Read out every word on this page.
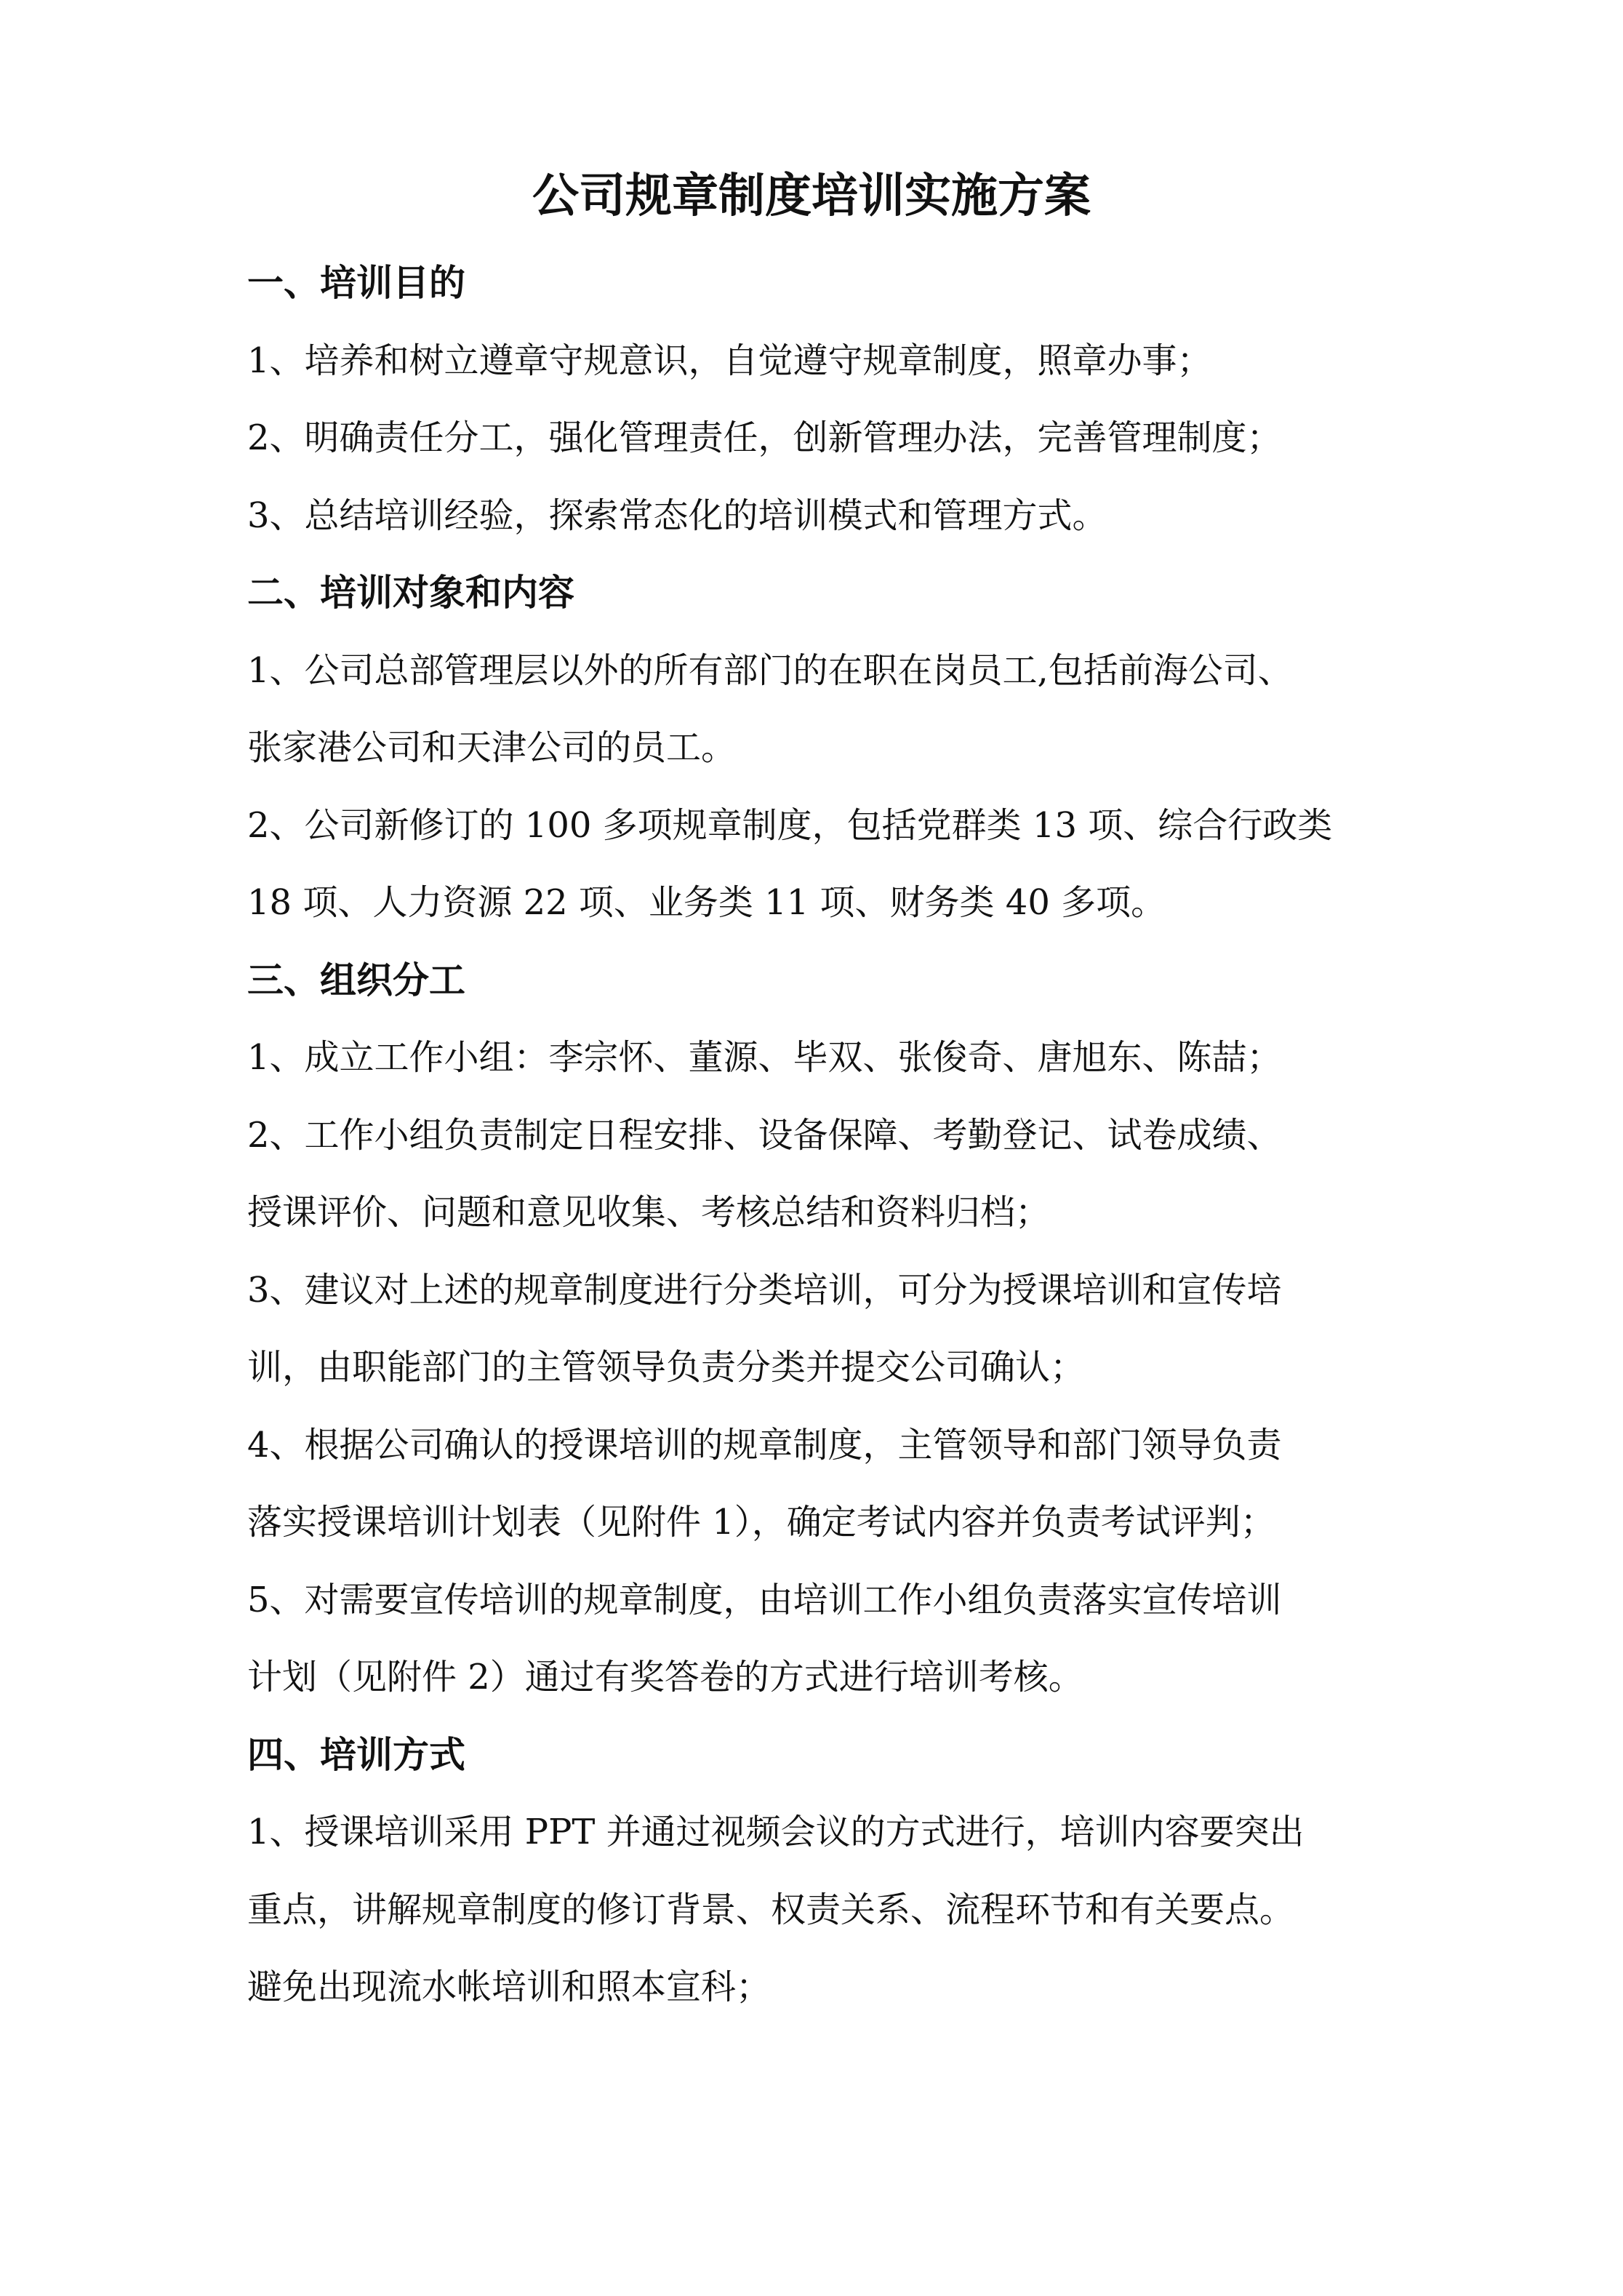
公司规章制度培训实施方案

一、培训目的

1、培养和树立遵章守规意识，自觉遵守规章制度，照章办事；

2、明确责任分工，强化管理责任，创新管理办法，完善管理制度；

3、总结培训经验，探索常态化的培训模式和管理方式。

二、培训对象和内容

1、公司总部管理层以外的所有部门的在职在岗员工,包括前海公司、

张家港公司和天津公司的员工。

2、公司新修订的 100 多项规章制度，包括党群类 13 项、综合行政类

18 项、人力资源 22 项、业务类 11 项、财务类 40 多项。

三、组织分工

1、成立工作小组：李宗怀、董源、毕双、张俊奇、唐旭东、陈喆；

2、工作小组负责制定日程安排、设备保障、考勤登记、试卷成绩、

授课评价、问题和意见收集、考核总结和资料归档；

3、建议对上述的规章制度进行分类培训，可分为授课培训和宣传培

训，由职能部门的主管领导负责分类并提交公司确认；

4、根据公司确认的授课培训的规章制度，主管领导和部门领导负责

落实授课培训计划表（见附件 1），确定考试内容并负责考试评判；

5、对需要宣传培训的规章制度，由培训工作小组负责落实宣传培训

计划（见附件 2）通过有奖答卷的方式进行培训考核。

四、培训方式

1、授课培训采用 PPT 并通过视频会议的方式进行，培训内容要突出

重点，讲解规章制度的修订背景、权责关系、流程环节和有关要点。

避免出现流水帐培训和照本宣科；
